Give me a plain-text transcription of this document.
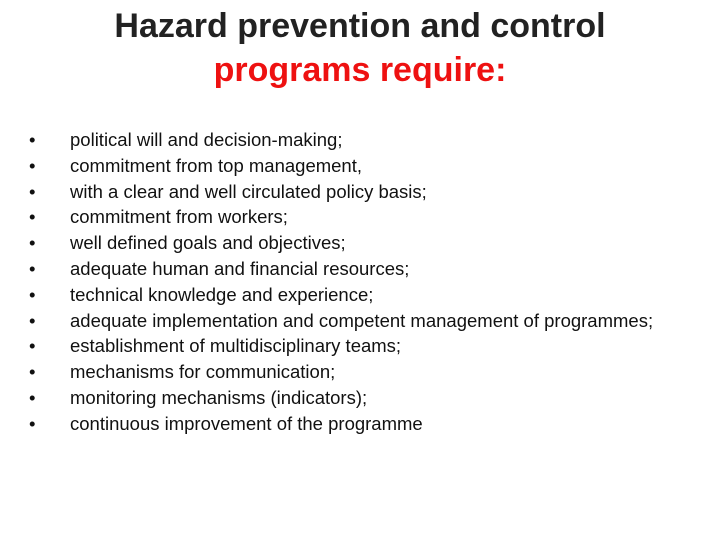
Hazard prevention and control
programs require:
•	political will and decision-making;
•	commitment from top management,
•	with a clear and well circulated policy basis;
•	commitment from workers;
•	well defined goals and objectives;
•	adequate human and financial resources;
•	technical knowledge and experience;
•	adequate implementation and competent management of programmes;
•	establishment of multidisciplinary teams;
•	mechanisms for communication;
•	monitoring mechanisms (indicators);
•	continuous improvement of the programme
